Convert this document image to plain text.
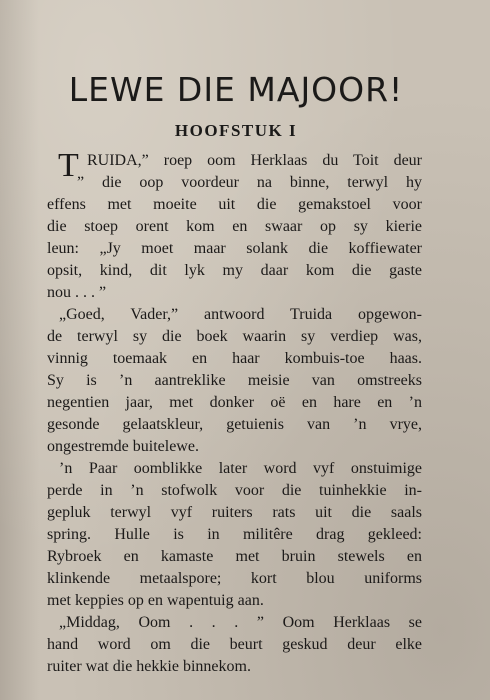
LEWE DIE MAJOOR!
HOOFSTUK I
T RUIDA,” roep oom Herklaas du Toit deur
” die oop voordeur na binne, terwyl hy
effens met moeite uit die gemakstoel voor
die stoep orent kom en swaar op sy kierie
leun: „Jy moet maar solank die koffiewater
opsit, kind, dit lyk my daar kom die gaste
nou . . . ”
„Goed, Vader,” antwoord Truida opgewon-
de terwyl sy die boek waarin sy verdiep was,
vinnig toemaak en haar kombuis-toe haas.
Sy is ’n aantreklike meisie van omstreeks
negentien jaar, met donker oë en hare en ’n
gesonde gelaatskleur, getuienis van ’n vrye,
ongestremde buitelewe.
’n Paar oomblikke later word vyf onstuimige
perde in ’n stofwolk voor die tuinhekkie in-
gepluk terwyl vyf ruiters rats uit die saals
spring. Hulle is in militêre drag gekleed:
Rybroek en kamaste met bruin stewels en
klinkende metaalspore; kort blou uniforms
met keppies op en wapentuig aan.
„Middag, Oom . . . ” Oom Herklaas se
hand word om die beurt geskud deur elke
ruiter wat die hekkie binnekom.
